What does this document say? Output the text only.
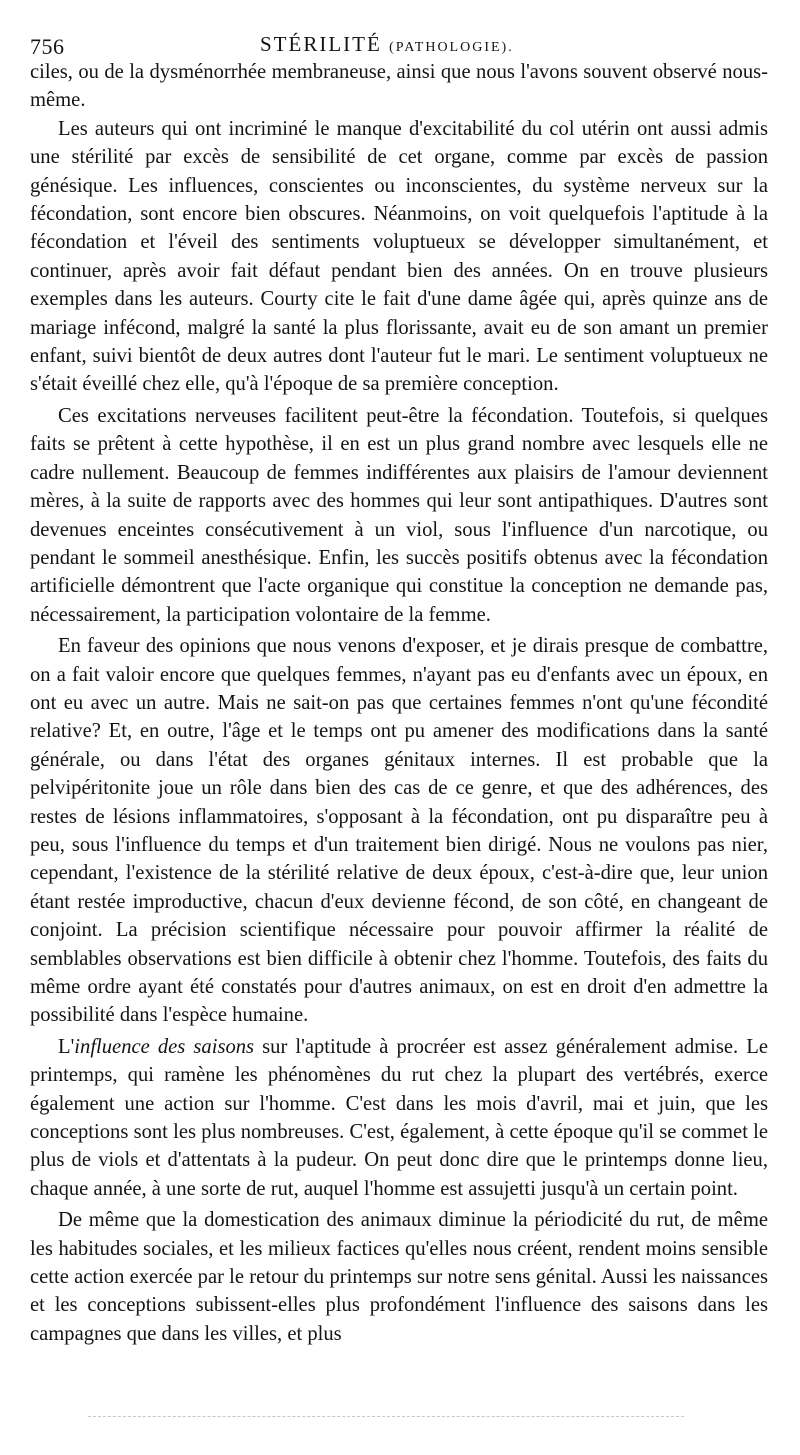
756	STÉRILITÉ (PATHOLOGIE).

ciles, ou de la dysménorrhée membraneuse, ainsi que nous l'avons souvent observé nous-même.

Les auteurs qui ont incriminé le manque d'excitabilité du col utérin ont aussi admis une stérilité par excès de sensibilité de cet organe, comme par excès de passion génésique. Les influences, conscientes ou inconscientes, du système nerveux sur la fécondation, sont encore bien obscures. Néanmoins, on voit quelquefois l'aptitude à la fécondation et l'éveil des sentiments voluptueux se développer simultanément, et continuer, après avoir fait défaut pendant bien des années. On en trouve plusieurs exemples dans les auteurs. Courty cite le fait d'une dame âgée qui, après quinze ans de mariage infécond, malgré la santé la plus florissante, avait eu de son amant un premier enfant, suivi bientôt de deux autres dont l'auteur fut le mari. Le sentiment voluptueux ne s'était éveillé chez elle, qu'à l'époque de sa première conception.

Ces excitations nerveuses facilitent peut-être la fécondation. Toutefois, si quelques faits se prêtent à cette hypothèse, il en est un plus grand nombre avec lesquels elle ne cadre nullement. Beaucoup de femmes indifférentes aux plaisirs de l'amour deviennent mères, à la suite de rapports avec des hommes qui leur sont antipathiques. D'autres sont devenues enceintes consécutivement à un viol, sous l'influence d'un narcotique, ou pendant le sommeil anesthésique. Enfin, les succès positifs obtenus avec la fécondation artificielle démontrent que l'acte organique qui constitue la conception ne demande pas, nécessairement, la participation volontaire de la femme.

En faveur des opinions que nous venons d'exposer, et je dirais presque de combattre, on a fait valoir encore que quelques femmes, n'ayant pas eu d'enfants avec un époux, en ont eu avec un autre. Mais ne sait-on pas que certaines femmes n'ont qu'une fécondité relative? Et, en outre, l'âge et le temps ont pu amener des modifications dans la santé générale, ou dans l'état des organes génitaux internes. Il est probable que la pelvipéritonite joue un rôle dans bien des cas de ce genre, et que des adhérences, des restes de lésions inflammatoires, s'opposant à la fécondation, ont pu disparaître peu à peu, sous l'influence du temps et d'un traitement bien dirigé. Nous ne voulons pas nier, cependant, l'existence de la stérilité relative de deux époux, c'est-à-dire que, leur union étant restée improductive, chacun d'eux devienne fécond, de son côté, en changeant de conjoint. La précision scientifique nécessaire pour pouvoir affirmer la réalité de semblables observations est bien difficile à obtenir chez l'homme. Toutefois, des faits du même ordre ayant été constatés pour d'autres animaux, on est en droit d'en admettre la possibilité dans l'espèce humaine.

L'influence des saisons sur l'aptitude à procréer est assez généralement admise. Le printemps, qui ramène les phénomènes du rut chez la plupart des vertébrés, exerce également une action sur l'homme. C'est dans les mois d'avril, mai et juin, que les conceptions sont les plus nombreuses. C'est, également, à cette époque qu'il se commet le plus de viols et d'attentats à la pudeur. On peut donc dire que le printemps donne lieu, chaque année, à une sorte de rut, auquel l'homme est assujetti jusqu'à un certain point.

De même que la domestication des animaux diminue la périodicité du rut, de même les habitudes sociales, et les milieux factices qu'elles nous créent, rendent moins sensible cette action exercée par le retour du printemps sur notre sens génital. Aussi les naissances et les conceptions subissent-elles plus profondément l'influence des saisons dans les campagnes que dans les villes, et plus
